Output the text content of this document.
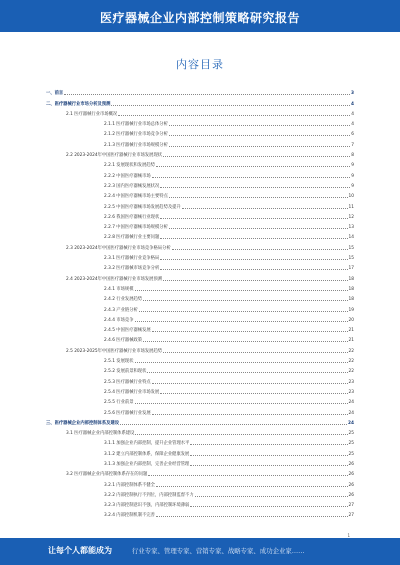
医疗器械企业内部控制策略研究报告
内容目录
一、前言	3
二、医疗器械行业市场分析及预测	4
2.1 医疗器械行业市场概况	4
2.1.1 医疗器械行业市场总体分析	4
2.1.2 医疗器械行业市场竞争分析	6
2.1.3 医疗器械行业市场规模分析	7
2.2 2023-2024年中国医疗器械行业市场发展现状	8
2.2.1 发展现状和发展趋势	9
2.2.2 中国医疗器械市场	9
2.2.3 国内医疗器械发展状况	9
2.2.4 中国医疗器械市场主要特点	10
2.2.5 中国医疗器械市场发展趋势及提升	11
2.2.6 我国医疗器械行业现状	12
2.2.7 中国医疗器械市场规模分析	13
2.2.8 医疗器械行业主要问题	14
2.3 2023-2024年中国医疗器械行业市场竞争格局分析	15
2.3.1 医疗器械行业竞争格局	15
2.3.2 医疗器械市场竞争分析	17
2.4 2023-2024年中国医疗器械行业市场发展预测	18
2.4.1 市场规模	18
2.4.2 行业发展趋势	18
2.4.3 产业链分析	19
2.4.4 市场竞争	20
2.4.5 中国医疗器械发展	21
2.4.6 医疗器械政策	21
2.5 2023-2025年中国医疗器械行业市场发展趋势	22
2.5.1 发展现状	22
2.5.2 发展前景和现状	22
2.5.3 医疗器械行业特点	23
2.5.4 医疗器械行业市场发展	23
2.5.5 行业前景	24
2.5.6 医疗器械行业发展	24
三、医疗器械企业内部控制体系及建设	24
3.1 医疗器械企业内部控制体系建设	25
3.1.1 加强企业内部控制，提升企业管理水平	25
3.1.2 建立内部控制体系，保障企业健康发展	25
3.1.3 加强企业内部控制，完善企业经营管理	26
3.2 医疗器械企业内部控制体系存在的问题	26
3.2.1 内部控制体系不健全	26
3.2.2 内部控制执行不到位，内部控制监督不力	26
3.2.3 内部控制意识不强，内部控制环境薄弱	27
3.2.4 内部控制机制不完善	27
1
让每个人都能成为	行业专家、管理专家、营销专家、战略专家、成功企业家……
